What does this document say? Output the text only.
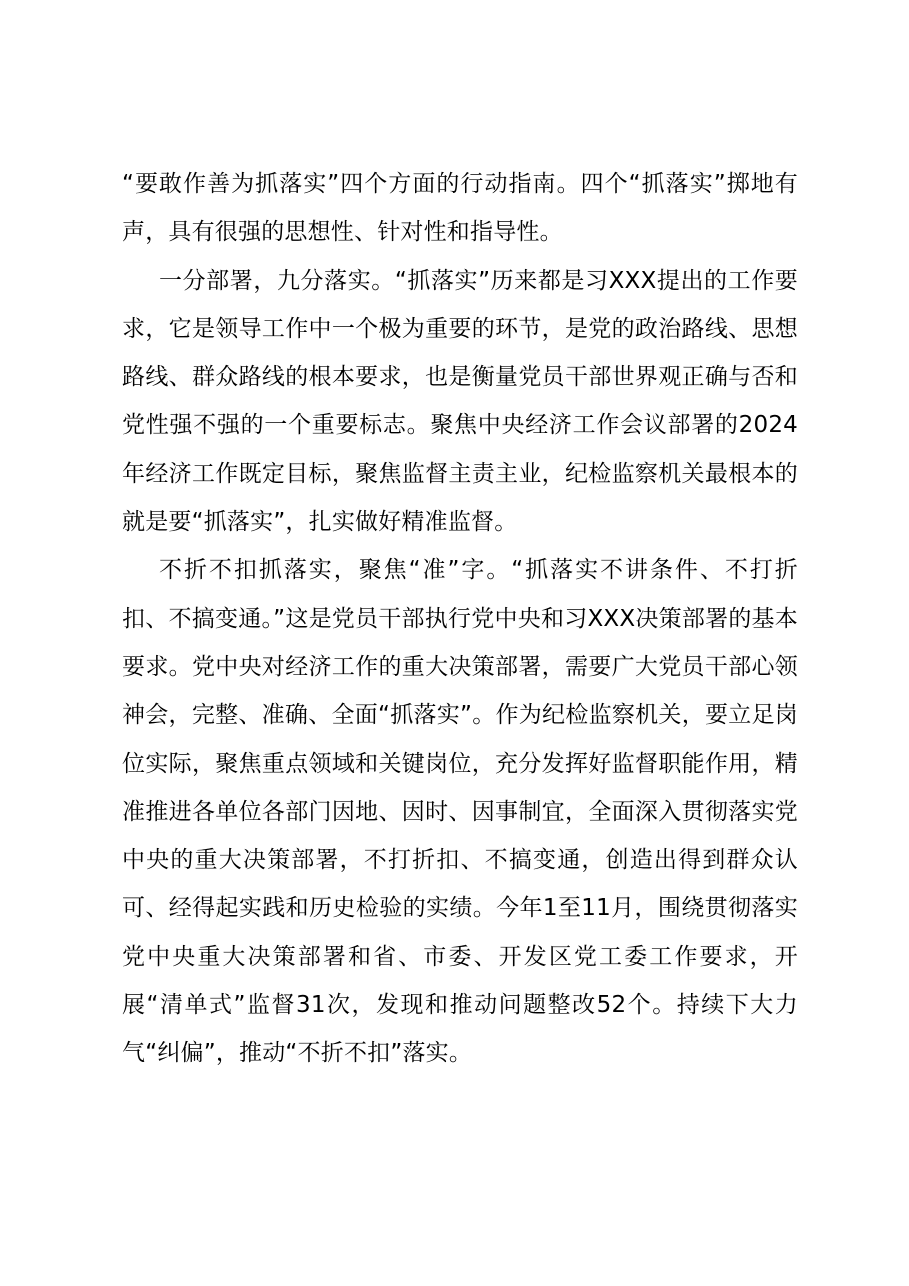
“要敢作善为抓落实”四个方面的行动指南。四个“抓落实”掷地有声，具有很强的思想性、针对性和指导性。

一分部署，九分落实。“抓落实”历来都是习XXX提出的工作要求，它是领导工作中一个极为重要的环节，是党的政治路线、思想路线、群众路线的根本要求，也是衡量党员干部世界观正确与否和党性强不强的一个重要标志。聚焦中央经济工作会议部署的2024年经济工作既定目标，聚焦监督主责主业，纪检监察机关最根本的就是要“抓落实”，扎实做好精准监督。

不折不扣抓落实，聚焦“准”字。“抓落实不讲条件、不打折扣、不搞变通。”这是党员干部执行党中央和习XXX决策部署的基本要求。党中央对经济工作的重大决策部署，需要广大党员干部心领神会，完整、准确、全面“抓落实”。作为纪检监察机关，要立足岗位实际，聚焦重点领域和关键岗位，充分发挥好监督职能作用，精准推进各单位各部门因地、因时、因事制宜，全面深入贯彻落实党中央的重大决策部署，不打折扣、不搞变通，创造出得到群众认可、经得起实践和历史检验的实绩。今年1至11月，围绕贯彻落实党中央重大决策部署和省、市委、开发区党工委工作要求，开展“清单式”监督31次，发现和推动问题整改52个。持续下大力气“纠偏”，推动“不折不扣”落实。
